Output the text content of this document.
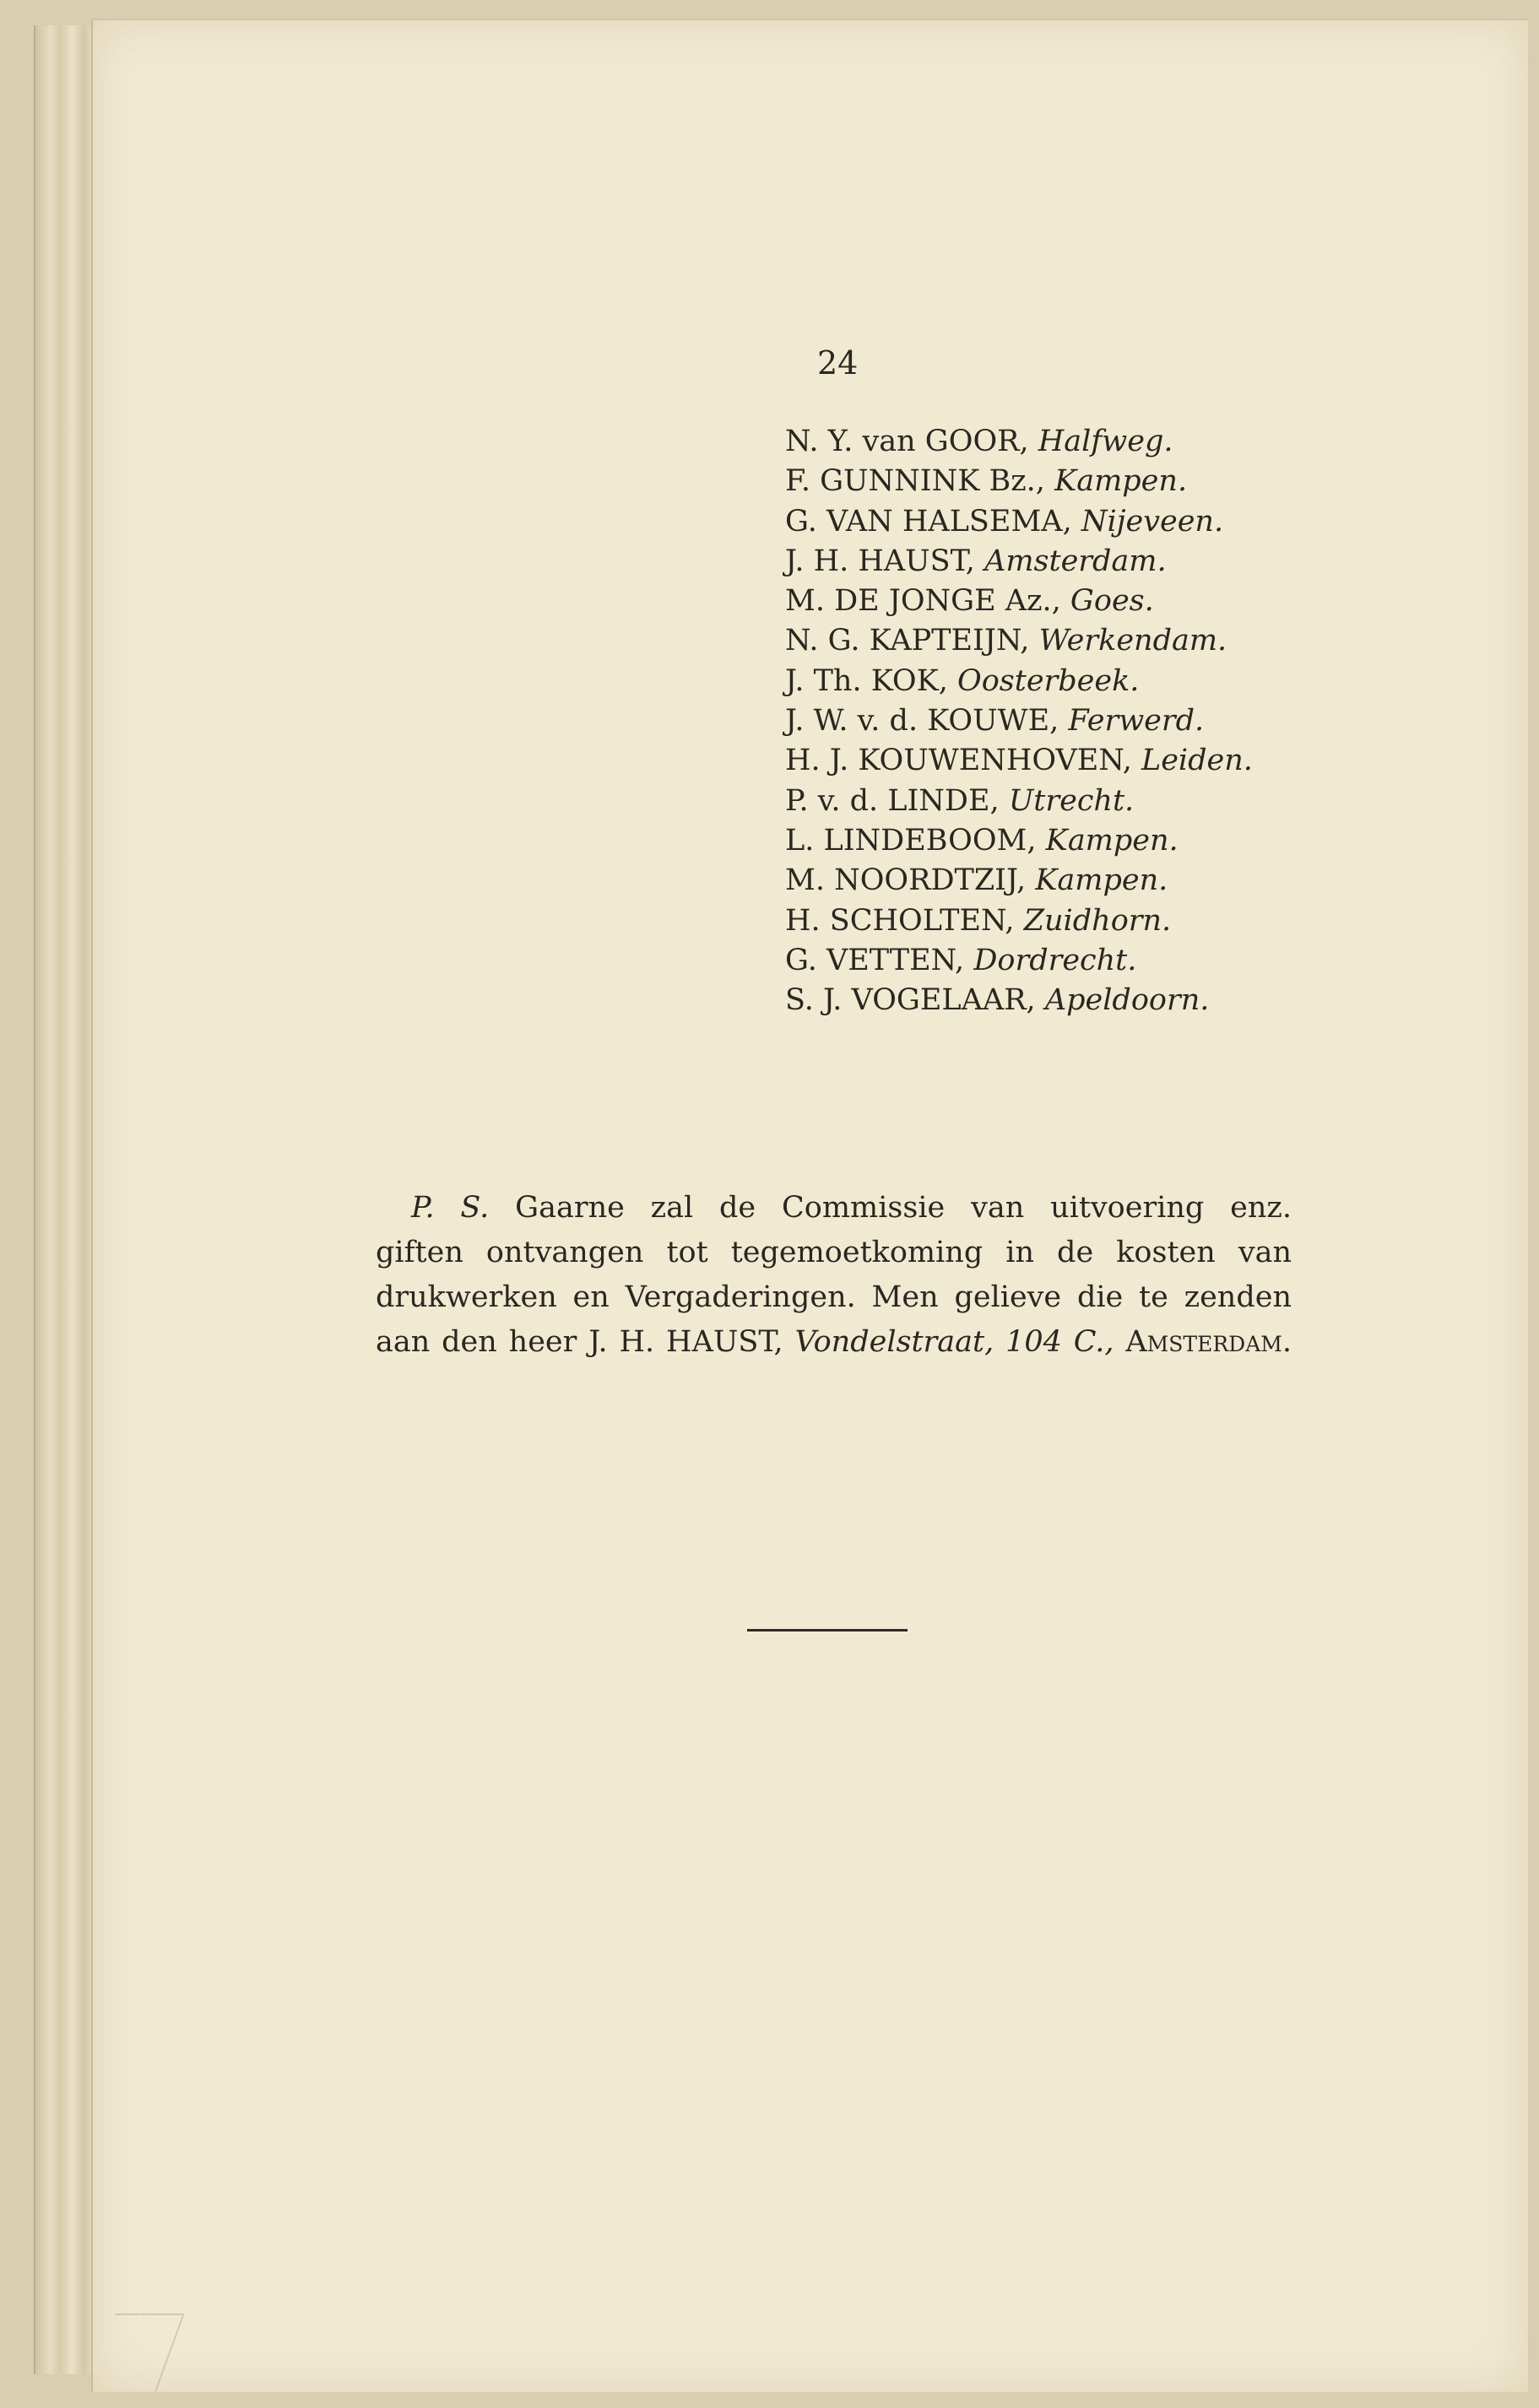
24
N. Y. van GOOR, Halfweg.
F. GUNNINK Bz., Kampen.
G. VAN HALSEMA, Nijeveen.
J. H. HAUST, Amsterdam.
M. DE JONGE Az., Goes.
N. G. KAPTEIJN, Werkendam.
J. Th. KOK, Oosterbeek.
J. W. v. d. KOUWE, Ferwerd.
H. J. KOUWENHOVEN, Leiden.
P. v. d. LINDE, Utrecht.
L. LINDEBOOM, Kampen.
M. NOORDTZIJ, Kampen.
H. SCHOLTEN, Zuidhorn.
G. VETTEN, Dordrecht.
S. J. VOGELAAR, Apeldoorn.
P. S. Gaarne zal de Commissie van uitvoering enz.
giften ontvangen tot tegemoetkoming in de kosten van
drukwerken en Vergaderingen. Men gelieve die te zenden
aan den heer J. H. HAUST, Vondelstraat, 104 C., Amsterdam.
